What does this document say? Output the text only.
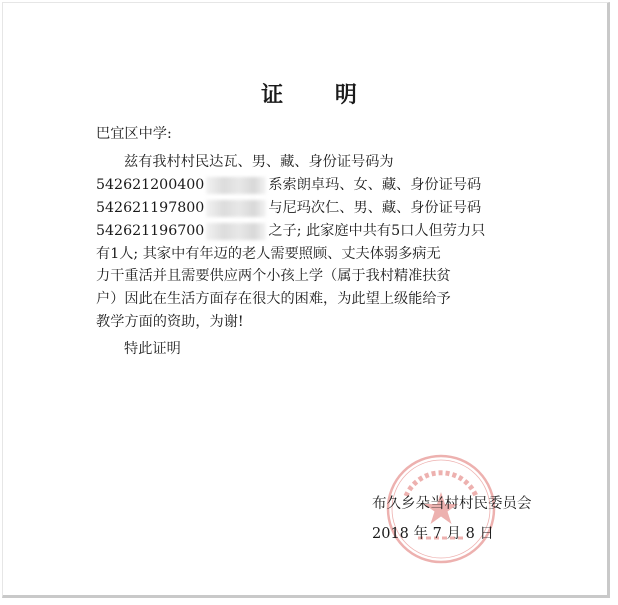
证 明
巴宜区中学:
兹有我村村民达瓦、男、藏、身份证号码为
542621200400	系索朗卓玛、女、藏、身份证号码
542621197800	与尼玛次仁、男、藏、身份证号码
542621196700	之子; 此家庭中共有5口人但劳力只
有1人; 其家中有年迈的老人需要照顾、丈夫体弱多病无
力干重活并且需要供应两个小孩上学（属于我村精准扶贫
户）因此在生活方面存在很大的困难，为此望上级能给予
教学方面的资助，为谢!
特此证明
布久乡朵当村村民委员会
2018 年 7 月 8 日
